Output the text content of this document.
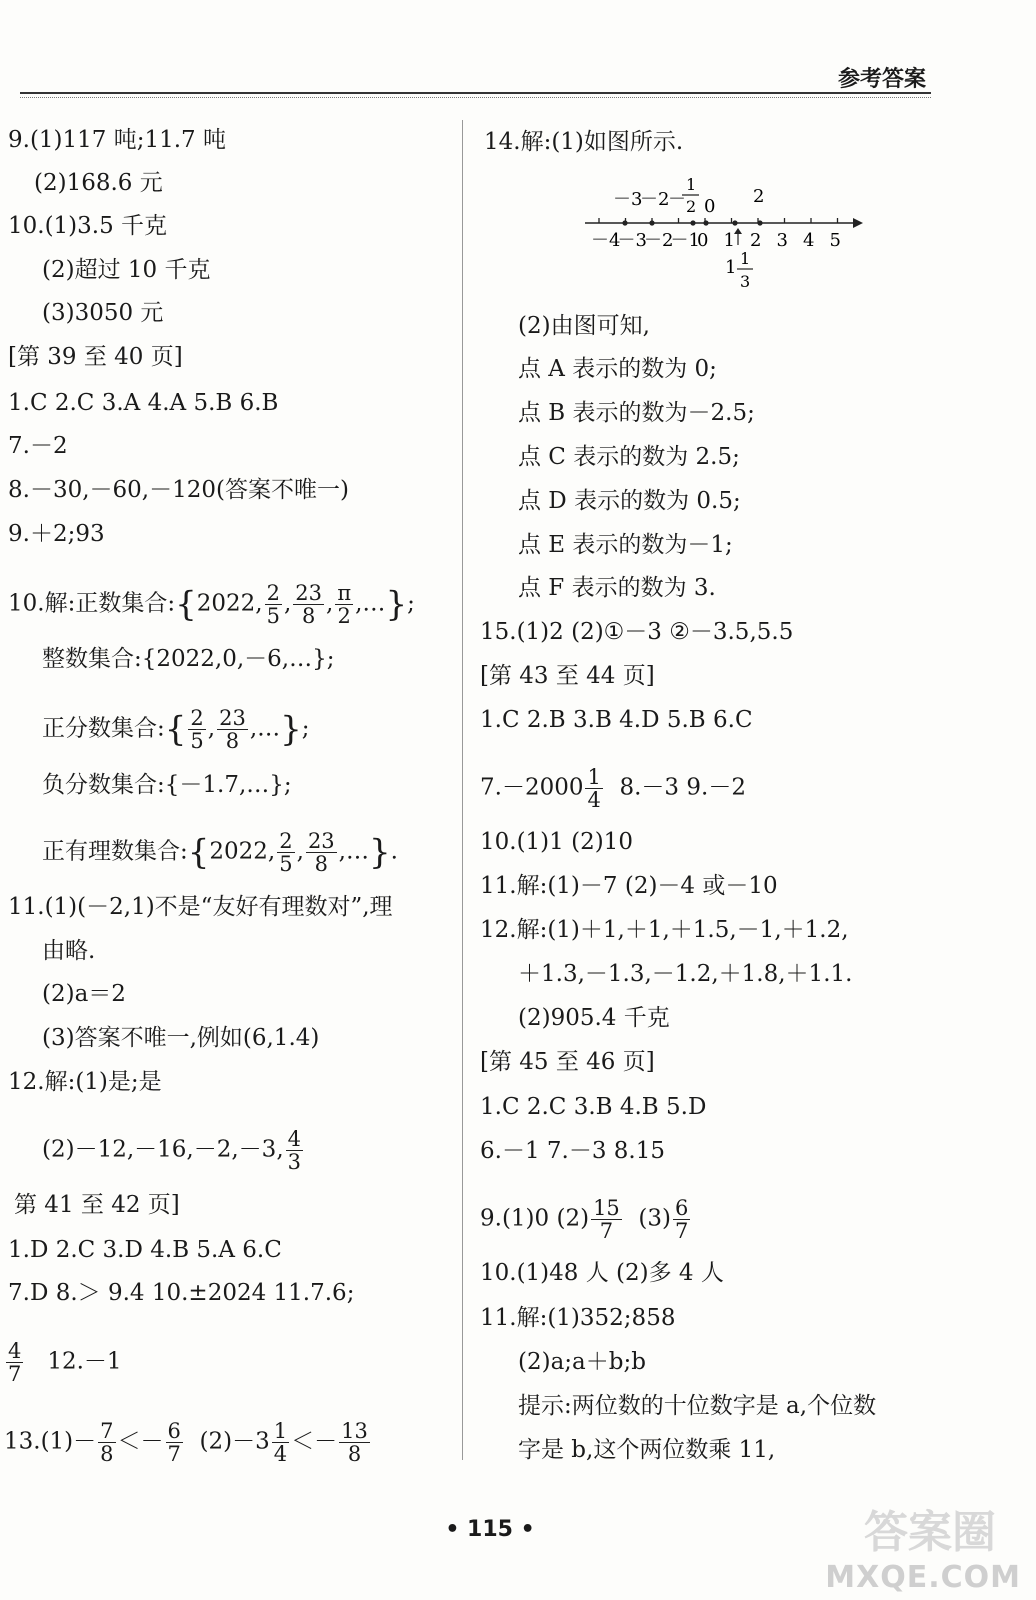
参考答案
9.(1)117 吨;11.7 吨
(2)168.6 元
10.(1)3.5 千克
(2)超过 10 千克
(3)3050 元
[第 39 至 40 页]
1.C 2.C 3.A 4.A 5.B 6.B
7.－2
8.－30,－60,－120(答案不唯一)
9.＋2;93
10.解:正数集合:{2022, $\frac{2}{5}$ , $\frac{23}{8}$ , $\frac{\pi}{2}$ ,…};
整数集合:{2022,0,－6,…};
正分数集合:{ $\frac{2}{5}$ , $\frac{23}{8}$ ,…};
负分数集合:{－1.7,…};
正有理数集合:{2022, $\frac{2}{5}$ , $\frac{23}{8}$ ,…}.
11.(1)(－2,1)不是“友好有理数对”,理
由略.
(2)a＝2
(3)答案不唯一,例如(6,1.4)
12.解:(1)是;是
(2)－12,－16,－2,－3, $\frac{4}{3}$
第 41 至 42 页]
1.D 2.C 3.D 4.B 5.A 6.C
7.D 8.＞ 9.4 10.±2024 11.7.6;
$\frac{4}{7} 12.-1$
$13.(1)- \frac{7}{8} <- \frac{6}{7} (2)-3 \frac{1}{4} <- \frac{13}{8}$
14.解:(1)如图所示.
－3
－2
－
1
2 0 2
－4
－3
－2
－1
0 1 2 3 4 5
1 1
3
(2)由图可知,
点 A 表示的数为 0;
点 B 表示的数为－2.5;
点 C 表示的数为 2.5;
点 D 表示的数为 0.5;
点 E 表示的数为－1;
点 F 表示的数为 3.
15.(1)2 (2)①－3 ②－3.5,5.5
[第 43 至 44 页]
1.C 2.B 3.B 4.D 5.B 6.C
$7.-2000 \frac{1}{4} 8.-3$ 9.－2
10.(1)1 (2)10
11.解:(1)－7 (2)－4 或－10
12.解:(1)＋1,＋1,＋1.5,－1,＋1.2,
＋1.3,－1.3,－1.2,＋1.8,＋1.1.
(2)905.4 千克
[第 45 至 46 页]
1.C 2.C 3.B 4.B 5.D
6.－1 7.－3 8.15
9.(1)0 $(2) \frac{15}{7} (3) \frac{6}{7}$
10.(1)48 人 (2)多 4 人
11.解:(1)352;858
(2)a;a＋b;b
提示:两位数的十位数字是 a,个位数
字是 b,这个两位数乘 11,
• 115 •	答案圈
MXQE.COM
